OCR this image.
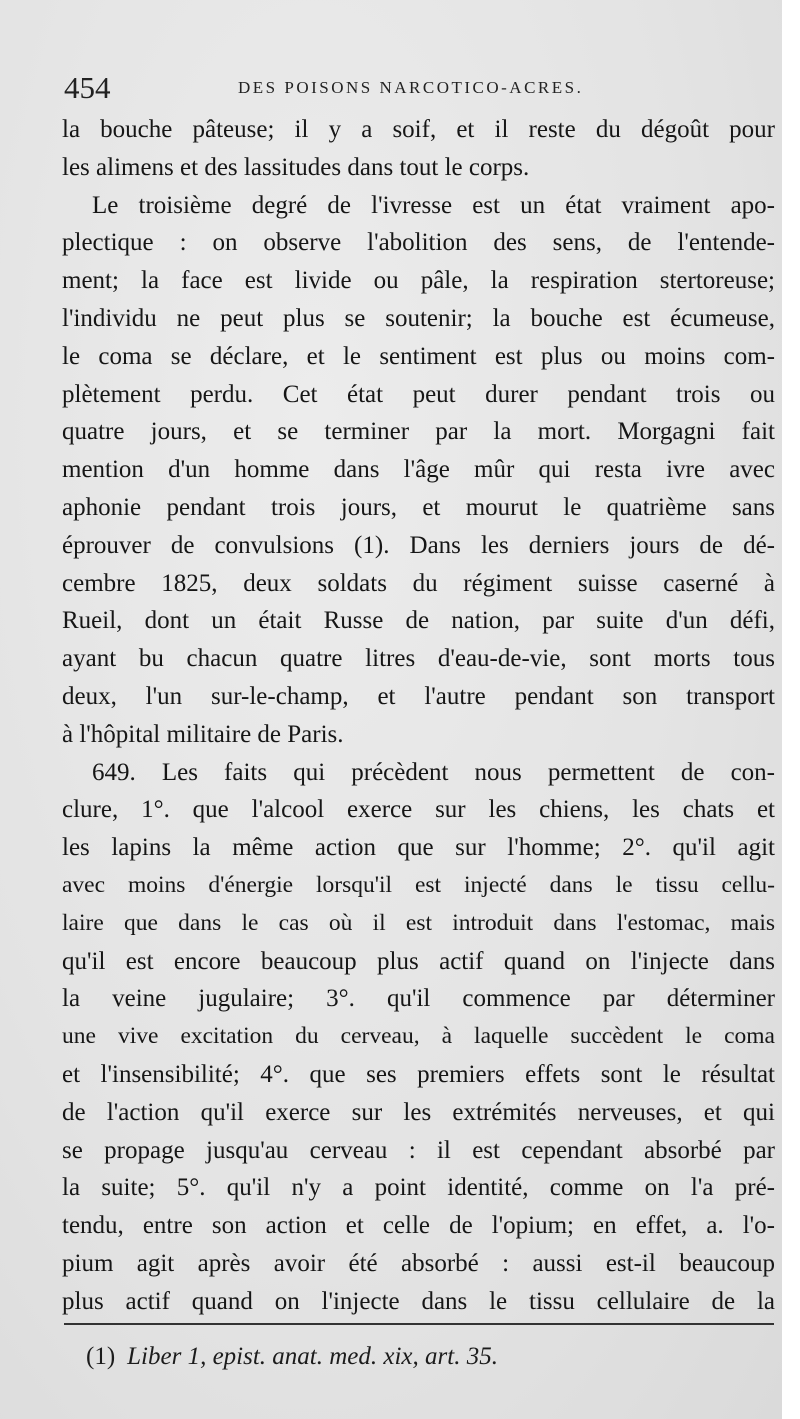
454	DES POISONS NARCOTICO-ACRES.
la bouche pâteuse; il y a soif, et il reste du dégoût pour
les alimens et des lassitudes dans tout le corps.
Le troisième degré de l'ivresse est un état vraiment apo-
plectique : on observe l'abolition des sens, de l'entende-
ment; la face est livide ou pâle, la respiration stertoreuse;
l'individu ne peut plus se soutenir; la bouche est écumeuse,
le coma se déclare, et le sentiment est plus ou moins com-
plètement perdu. Cet état peut durer pendant trois ou
quatre jours, et se terminer par la mort. Morgagni fait
mention d'un homme dans l'âge mûr qui resta ivre avec
aphonie pendant trois jours, et mourut le quatrième sans
éprouver de convulsions (1). Dans les derniers jours de dé-
cembre 1825, deux soldats du régiment suisse caserné à
Rueil, dont un était Russe de nation, par suite d'un défi,
ayant bu chacun quatre litres d'eau-de-vie, sont morts tous
deux, l'un sur-le-champ, et l'autre pendant son transport
à l'hôpital militaire de Paris.
649. Les faits qui précèdent nous permettent de con-
clure, 1°. que l'alcool exerce sur les chiens, les chats et
les lapins la même action que sur l'homme; 2°. qu'il agit
avec moins d'énergie lorsqu'il est injecté dans le tissu cellu-
laire que dans le cas où il est introduit dans l'estomac, mais
qu'il est encore beaucoup plus actif quand on l'injecte dans
la veine jugulaire; 3°. qu'il commence par déterminer
une vive excitation du cerveau, à laquelle succèdent le coma
et l'insensibilité; 4°. que ses premiers effets sont le résultat
de l'action qu'il exerce sur les extrémités nerveuses, et qui
se propage jusqu'au cerveau : il est cependant absorbé par
la suite; 5°. qu'il n'y a point identité, comme on l'a pré-
tendu, entre son action et celle de l'opium; en effet, a. l'o-
pium agit après avoir été absorbé : aussi est-il beaucoup
plus actif quand on l'injecte dans le tissu cellulaire de la
(1) Liber 1, epist. anat. med. xix, art. 35.
